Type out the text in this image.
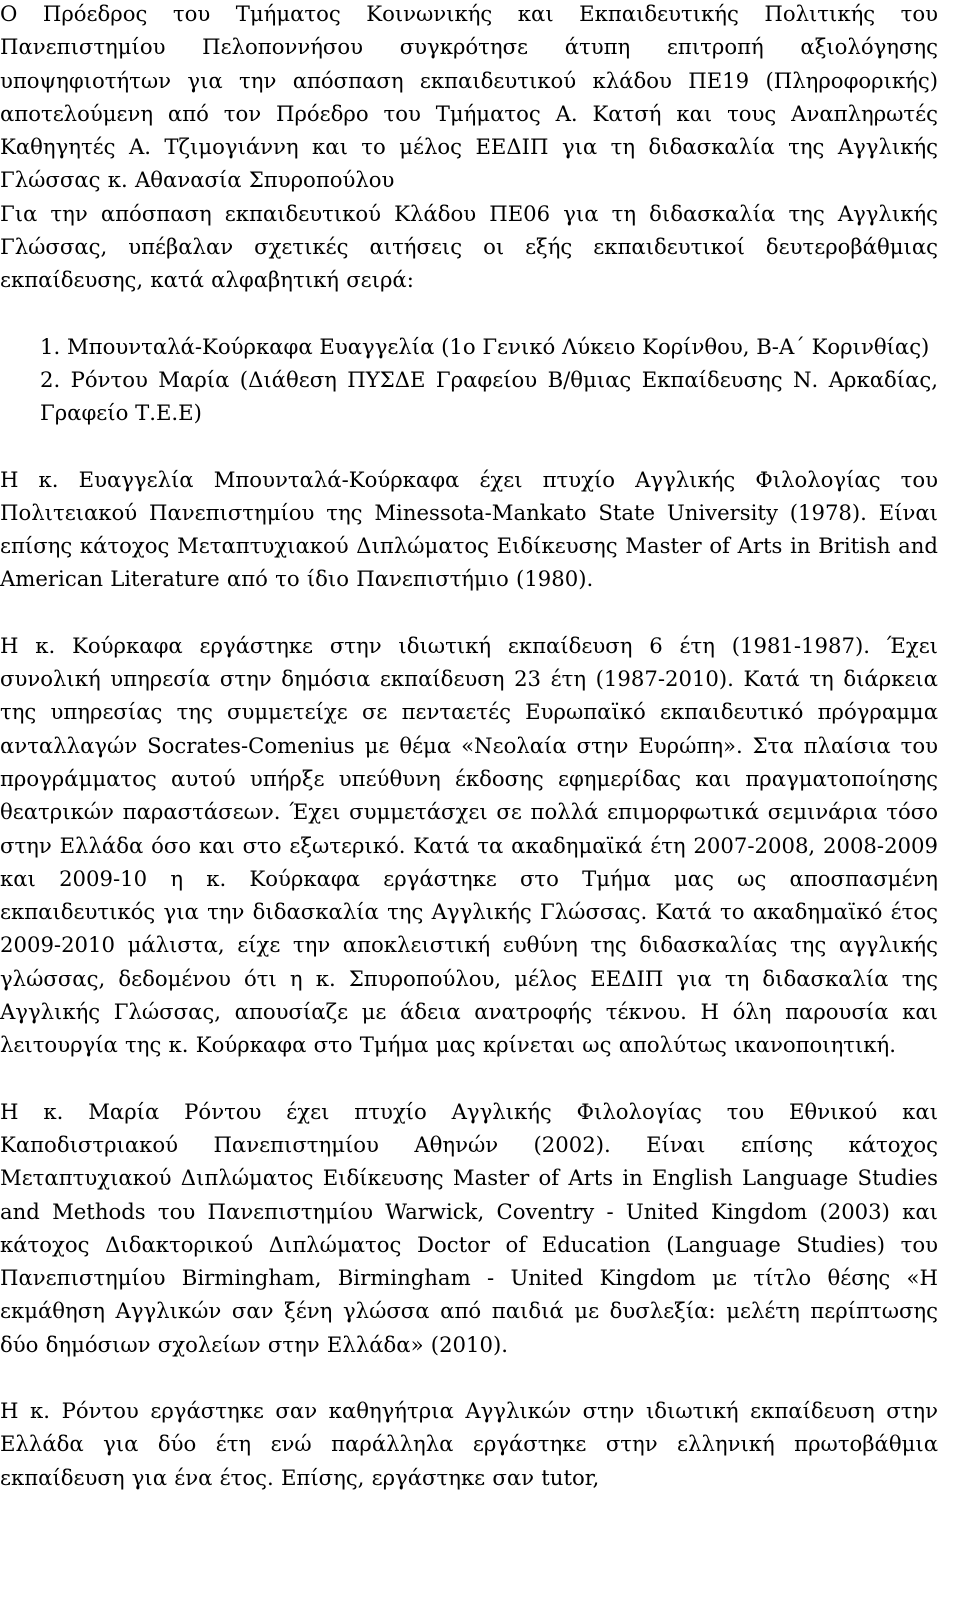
Ο Πρόεδρος του Τμήματος Κοινωνικής και Εκπαιδευτικής Πολιτικής του Πανεπιστημίου Πελοποννήσου συγκρότησε άτυπη επιτροπή αξιολόγησης υποψηφιοτήτων για την απόσπαση εκπαιδευτικού κλάδου ΠΕ19 (Πληροφορικής) αποτελούμενη από τον Πρόεδρο του Τμήματος Α. Κατσή και τους Αναπληρωτές Καθηγητές Α. Τζιμογιάννη και το μέλος ΕΕΔΙΠ για τη διδασκαλία της Αγγλικής Γλώσσας κ. Αθανασία Σπυροπούλου

Για την απόσπαση εκπαιδευτικού Κλάδου ΠΕ06 για τη διδασκαλία της Αγγλικής Γλώσσας, υπέβαλαν σχετικές αιτήσεις οι εξής εκπαιδευτικοί δευτεροβάθμιας εκπαίδευσης, κατά αλφαβητική σειρά:

1. Μπουνταλά-Κούρκαφα Ευαγγελία (1ο Γενικό Λύκειο Κορίνθου, Β-Α΄ Κορινθίας)
2. Ρόντου Μαρία (Διάθεση ΠΥΣΔΕ Γραφείου Β/θμιας Εκπαίδευσης Ν. Αρκαδίας, Γραφείο Τ.Ε.Ε)

Η κ. Ευαγγελία Μπουνταλά-Κούρκαφα έχει πτυχίο Αγγλικής Φιλολογίας του Πολιτειακού Πανεπιστημίου της Minessota-Mankato State University (1978). Είναι επίσης κάτοχος Μεταπτυχιακού Διπλώματος Ειδίκευσης Master of Arts in British and American Literature από το ίδιο Πανεπιστήμιο (1980).

Η κ. Κούρκαφα εργάστηκε στην ιδιωτική εκπαίδευση 6 έτη (1981-1987). Έχει συνολική υπηρεσία στην δημόσια εκπαίδευση 23 έτη (1987-2010). Κατά τη διάρκεια της υπηρεσίας της συμμετείχε σε πενταετές Ευρωπαϊκό εκπαιδευτικό πρόγραμμα ανταλλαγών Socrates-Comenius με θέμα «Νεολαία στην Ευρώπη». Στα πλαίσια του προγράμματος αυτού υπήρξε υπεύθυνη έκδοσης εφημερίδας και πραγματοποίησης θεατρικών παραστάσεων. Έχει συμμετάσχει σε πολλά επιμορφωτικά σεμινάρια τόσο στην Ελλάδα όσο και στο εξωτερικό. Κατά τα ακαδημαϊκά έτη 2007-2008, 2008-2009 και 2009-10 η κ. Κούρκαφα εργάστηκε στο Τμήμα μας ως αποσπασμένη εκπαιδευτικός για την διδασκαλία της Αγγλικής Γλώσσας. Κατά το ακαδημαϊκό έτος 2009-2010 μάλιστα, είχε την αποκλειστική ευθύνη της διδασκαλίας της αγγλικής γλώσσας, δεδομένου ότι η κ. Σπυροπούλου, μέλος ΕΕΔΙΠ για τη διδασκαλία της Αγγλικής Γλώσσας, απουσίαζε με άδεια ανατροφής τέκνου. Η όλη παρουσία και λειτουργία της κ. Κούρκαφα στο Τμήμα μας κρίνεται ως απολύτως ικανοποιητική.

Η κ. Μαρία Ρόντου έχει πτυχίο Αγγλικής Φιλολογίας του Εθνικού και Καποδιστριακού Πανεπιστημίου Αθηνών (2002). Είναι επίσης κάτοχος Μεταπτυχιακού Διπλώματος Ειδίκευσης Master of Arts in English Language Studies and Methods του Πανεπιστημίου Warwick, Coventry - United Kingdom (2003) και κάτοχος Διδακτορικού Διπλώματος Doctor of Education (Language Studies) του Πανεπιστημίου Birmingham, Birmingham - United Kingdom με τίτλο θέσης «Η εκμάθηση Αγγλικών σαν ξένη γλώσσα από παιδιά με δυσλεξία: μελέτη περίπτωσης δύο δημόσιων σχολείων στην Ελλάδα» (2010).

Η κ. Ρόντου εργάστηκε σαν καθηγήτρια Αγγλικών στην ιδιωτική εκπαίδευση στην Ελλάδα για δύο έτη ενώ παράλληλα εργάστηκε στην ελληνική πρωτοβάθμια εκπαίδευση για ένα έτος. Επίσης, εργάστηκε σαν tutor,
